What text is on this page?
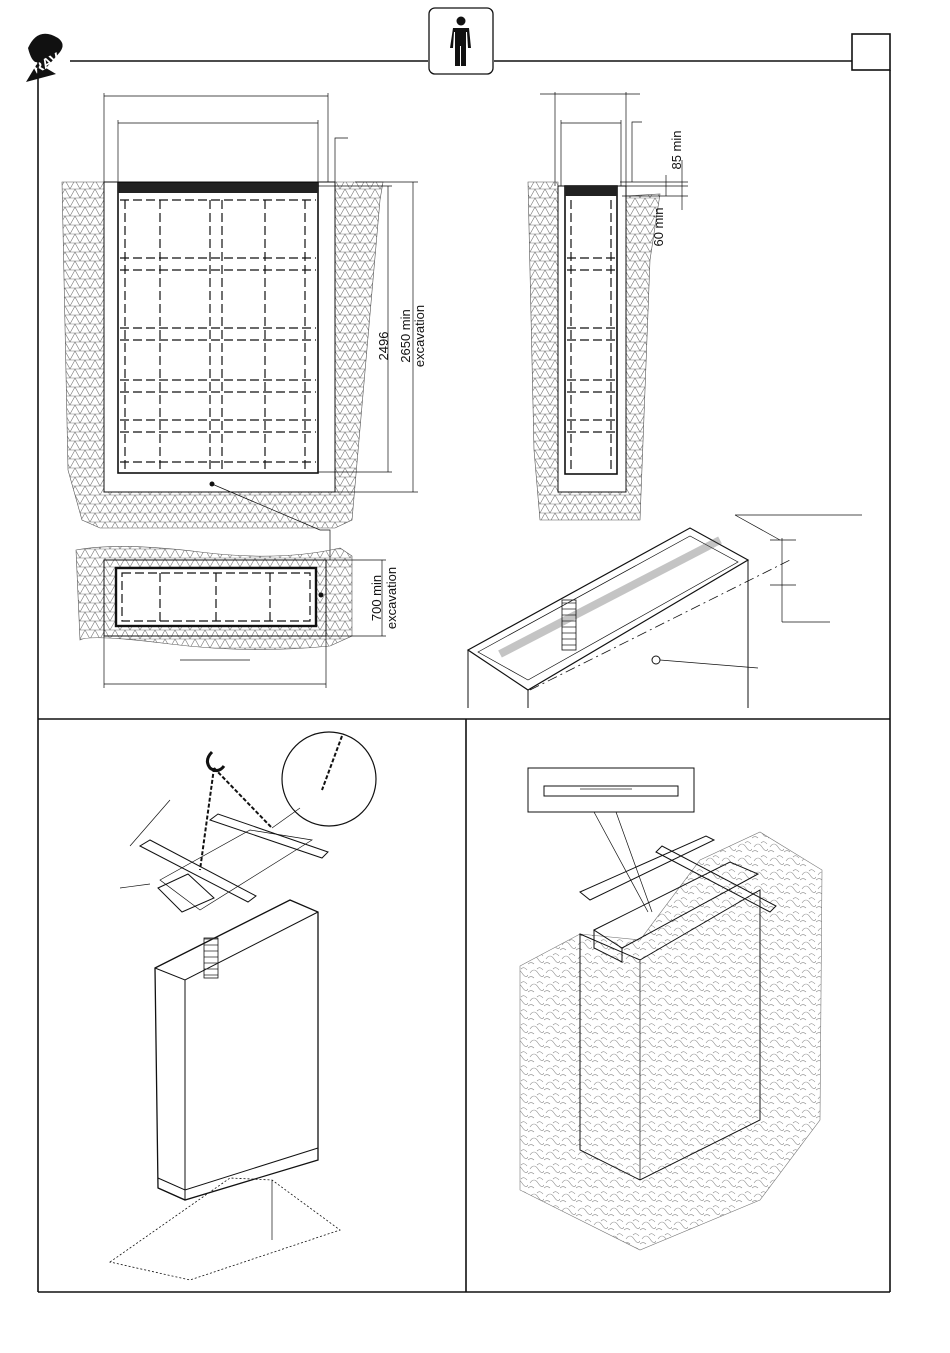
RAV
2496 2650 min excavation
700 min excavation
85 min
60 min
